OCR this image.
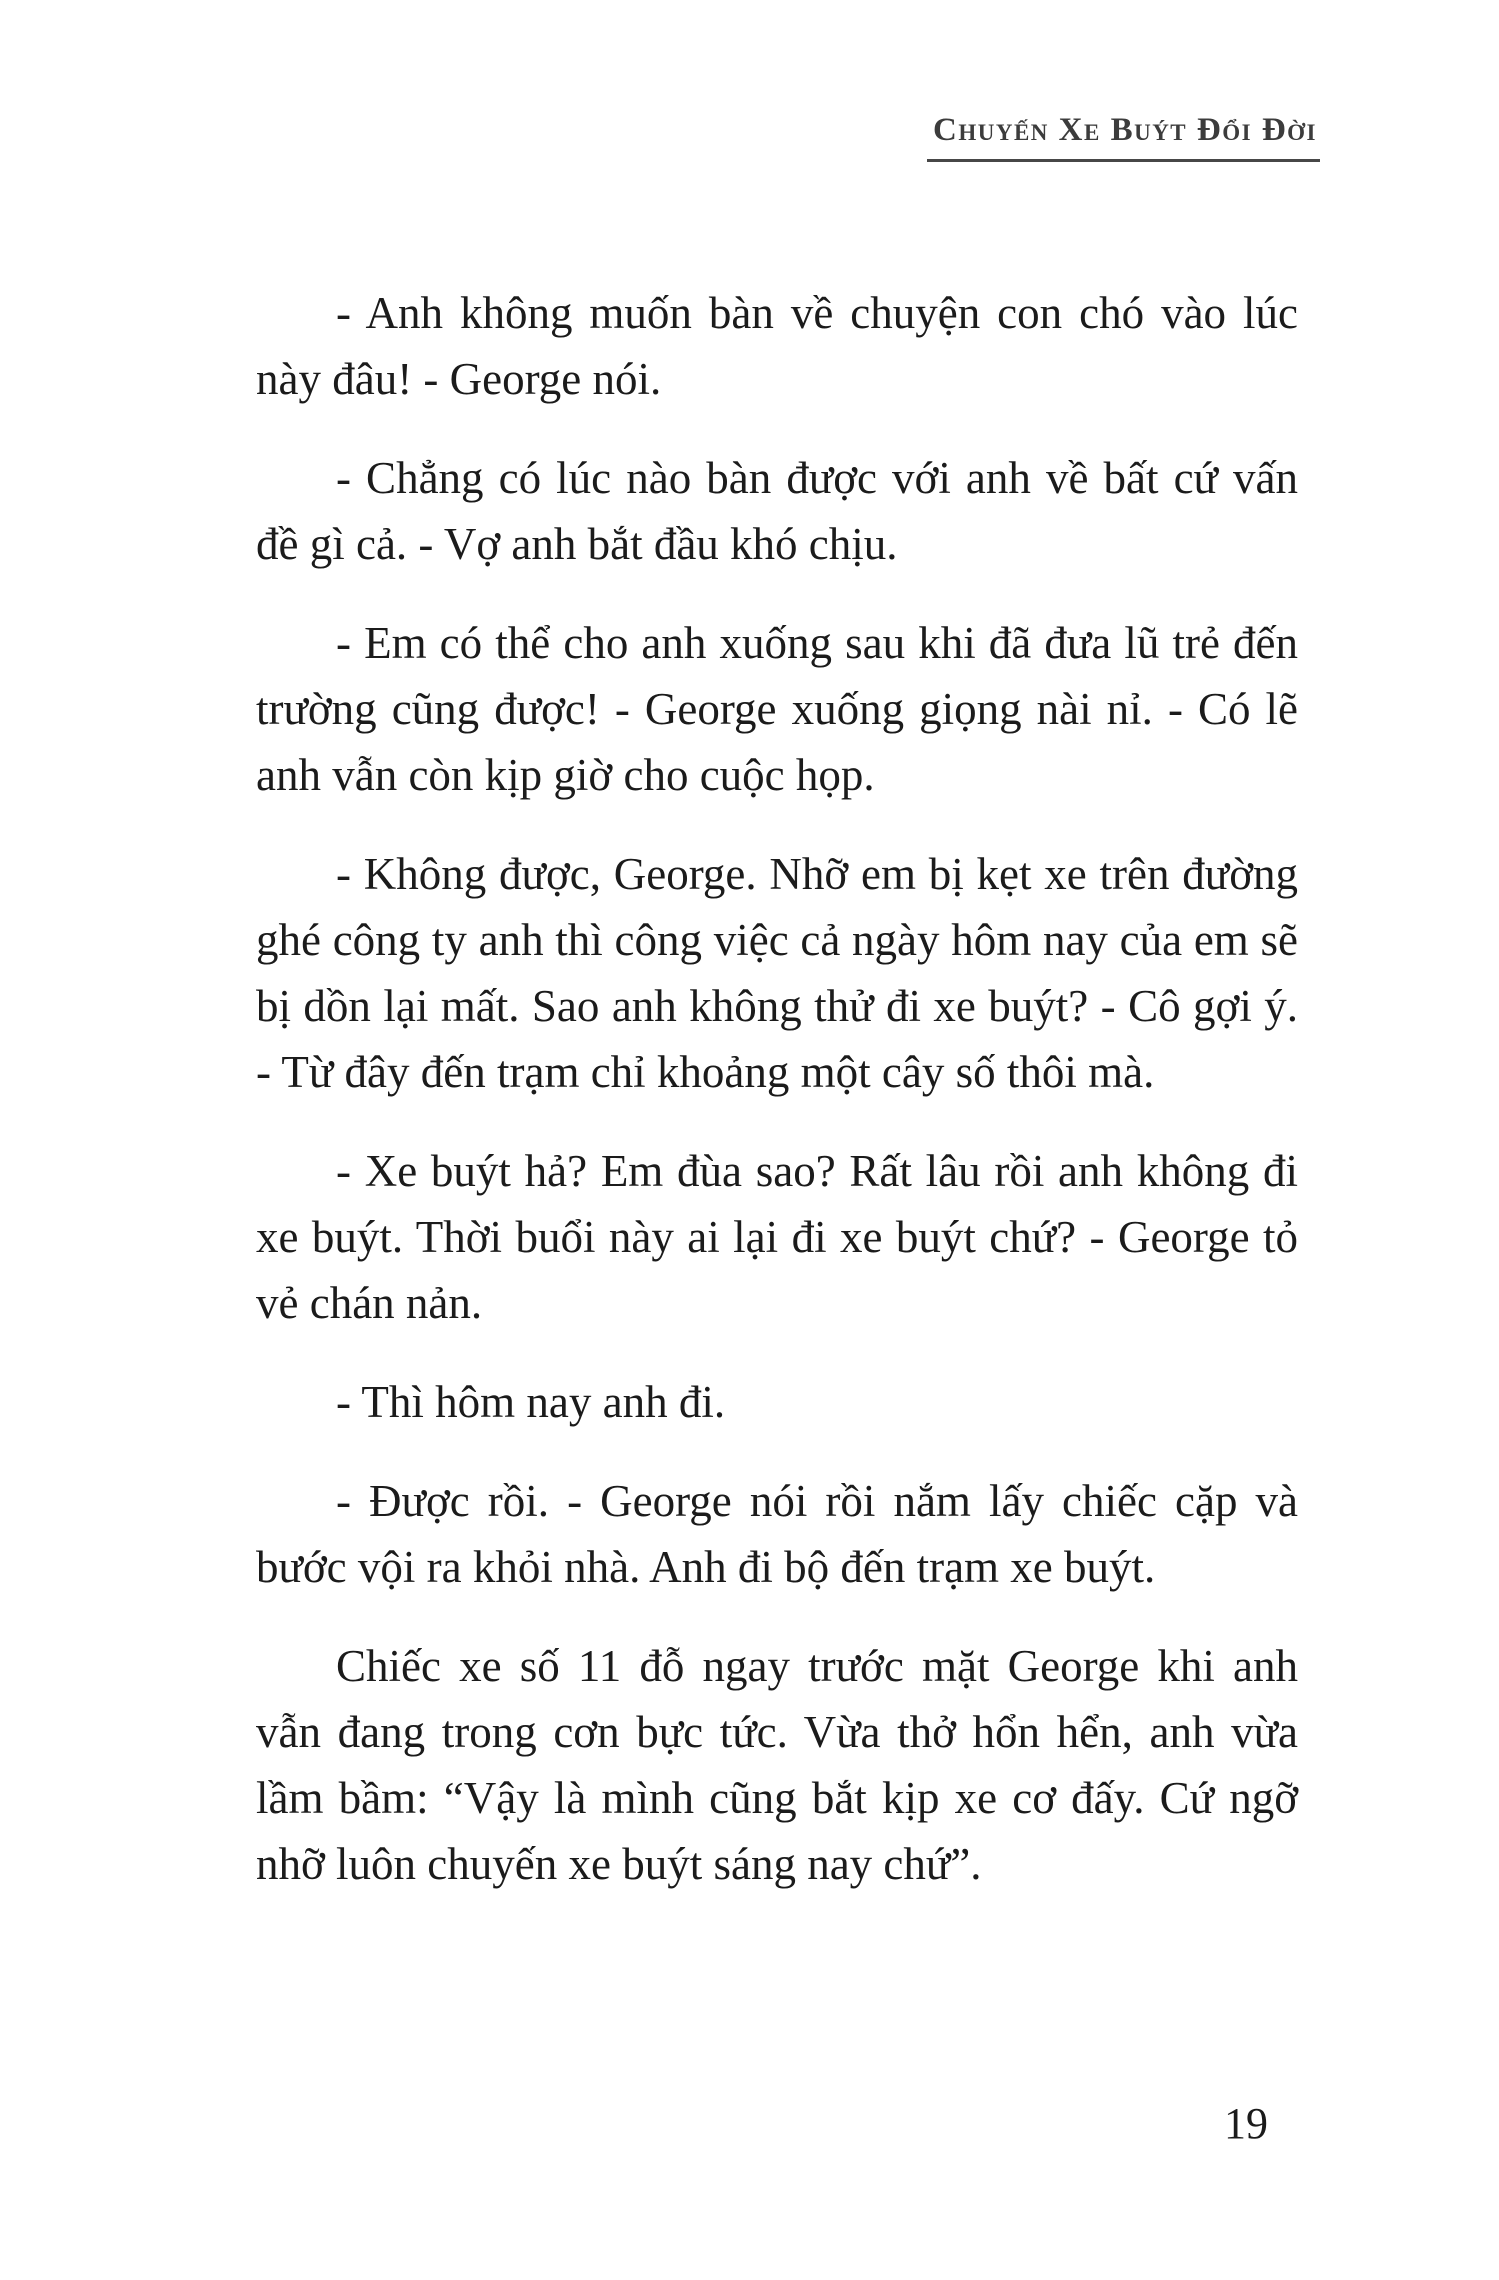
Chuyến Xe Buýt Đổi Đời

- Anh không muốn bàn về chuyện con chó vào lúc này đâu! - George nói.

- Chẳng có lúc nào bàn được với anh về bất cứ vấn đề gì cả. - Vợ anh bắt đầu khó chịu.

- Em có thể cho anh xuống sau khi đã đưa lũ trẻ đến trường cũng được! - George xuống giọng nài nỉ. - Có lẽ anh vẫn còn kịp giờ cho cuộc họp.

- Không được, George. Nhỡ em bị kẹt xe trên đường ghé công ty anh thì công việc cả ngày hôm nay của em sẽ bị dồn lại mất. Sao anh không thử đi xe buýt? - Cô gợi ý. - Từ đây đến trạm chỉ khoảng một cây số thôi mà.

- Xe buýt hả? Em đùa sao? Rất lâu rồi anh không đi xe buýt. Thời buổi này ai lại đi xe buýt chứ? - George tỏ vẻ chán nản.

- Thì hôm nay anh đi.

- Được rồi. - George nói rồi nắm lấy chiếc cặp và bước vội ra khỏi nhà. Anh đi bộ đến trạm xe buýt.

Chiếc xe số 11 đỗ ngay trước mặt George khi anh vẫn đang trong cơn bực tức. Vừa thở hổn hển, anh vừa lầm bầm: “Vậy là mình cũng bắt kịp xe cơ đấy. Cứ ngỡ nhỡ luôn chuyến xe buýt sáng nay chứ”.

19
